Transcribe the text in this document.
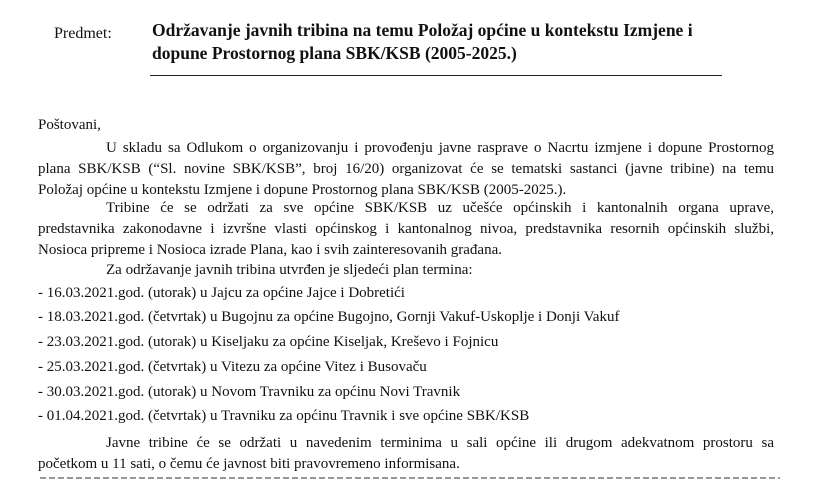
Predmet: Održavanje javnih tribina na temu Položaj općine u kontekstu Izmjene i
dopune Prostornog plana SBK/KSB (2005-2025.)
Poštovani,
U skladu sa Odlukom o organizovanju i provođenju javne rasprave o Nacrtu izmjene i dopune Prostornog
plana SBK/KSB (“Sl. novine SBK/KSB”, broj 16/20) organizovat će se tematski sastanci (javne tribine) na temu
Položaj općine u kontekstu Izmjene i dopune Prostornog plana SBK/KSB (2005-2025.).
Tribine će se održati za sve općine SBK/KSB uz učešće općinskih i kantonalnih organa uprave,
predstavnika zakonodavne i izvršne vlasti općinskog i kantonalnog nivoa, predstavnika resornih općinskih službi,
Nosioca pripreme i Nosioca izrade Plana, kao i svih zainteresovanih građana.
Za održavanje javnih tribina utvrđen je sljedeći plan termina:
- 16.03.2021.god. (utorak) u Jajcu za općine Jajce i Dobretići
- 18.03.2021.god. (četvrtak) u Bugojnu za općine Bugojno, Gornji Vakuf-Uskoplje i Donji Vakuf
- 23.03.2021.god. (utorak) u Kiseljaku za općine Kiseljak, Kreševo i Fojnicu
- 25.03.2021.god. (četvrtak) u Vitezu za općine Vitez i Busovaču
- 30.03.2021.god. (utorak) u Novom Travniku za općinu Novi Travnik
- 01.04.2021.god. (četvrtak) u Travniku za općinu Travnik i sve općine SBK/KSB
Javne tribine će se održati u navedenim terminima u sali općine ili drugom adekvatnom prostoru sa
početkom u 11 sati, o čemu će javnost biti pravovremeno informisana.
